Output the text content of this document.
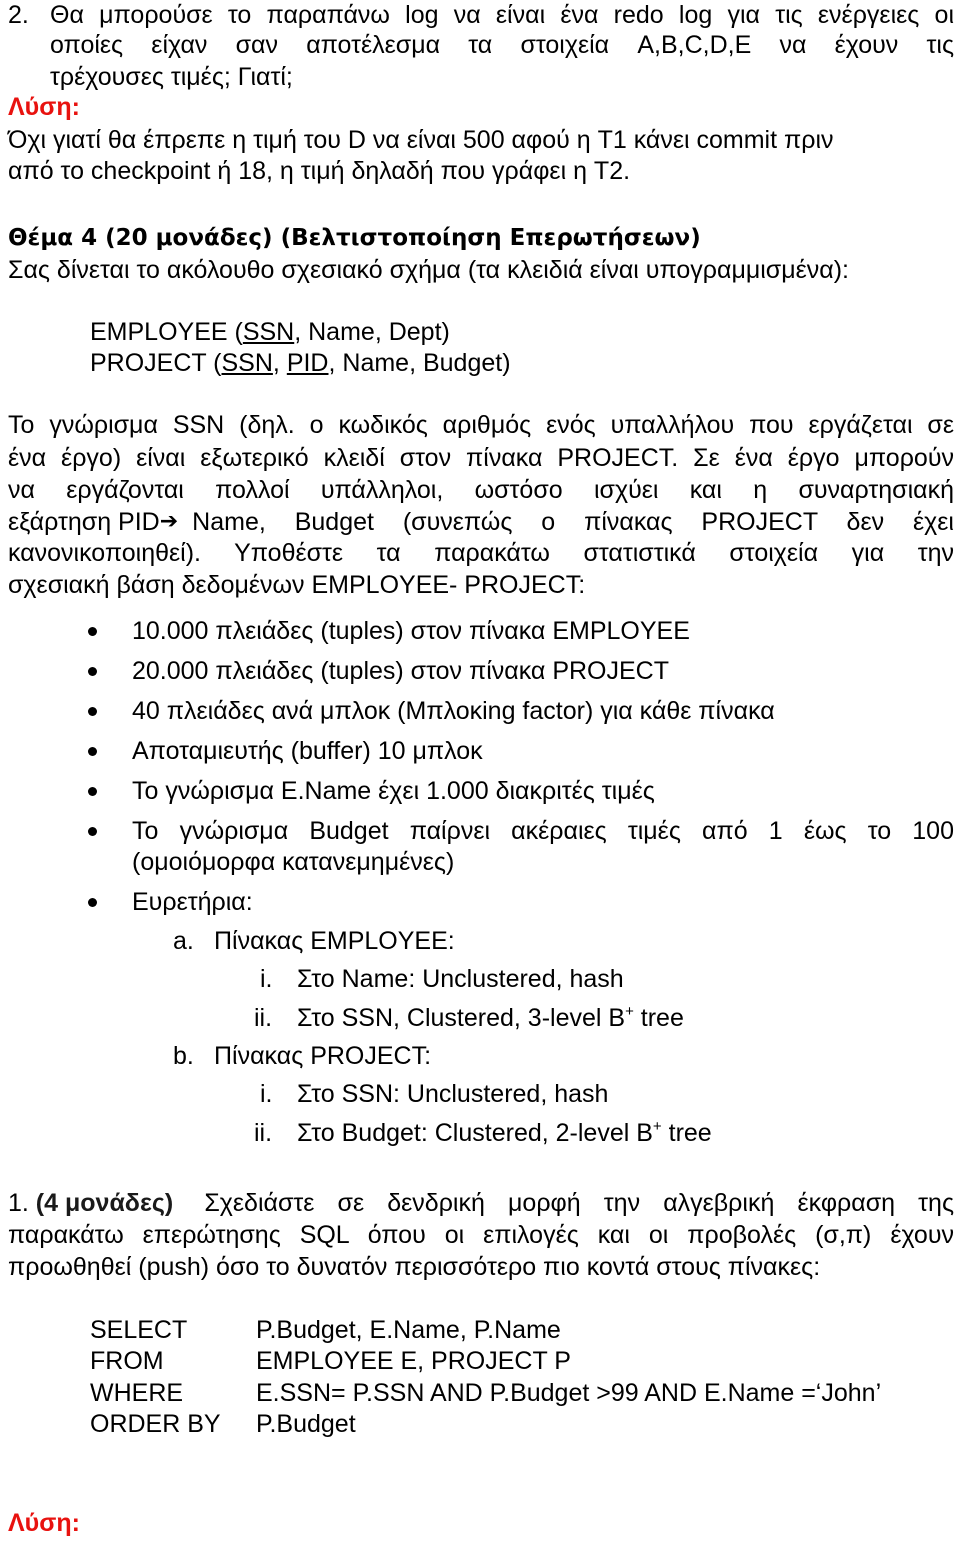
2. Θα μπορούσε το παραπάνω log να είναι ένα redo log για τις ενέργειες οι
οποίες είχαν σαν αποτέλεσμα τα στοιχεία A,B,C,D,E να έχουν τις
τρέχουσες τιμές; Γιατί;
Λύση:
Όχι γιατί θα έπρεπε η τιμή του D να είναι 500 αφού η T1 κάνει commit πριν
από το checkpoint ή 18, η τιμή δηλαδή που γράφει η T2.
Θέμα 4 (20 μονάδες) (Βελτιστοποίηση Επερωτήσεων)
Σας δίνεται το ακόλουθο σχεσιακό σχήμα (τα κλειδιά είναι υπογραμμισμένα):
EMPLOYEE (SSN, Name, Dept)
PROJECT (SSN, PID, Name, Budget)
Το γνώρισμα SSN (δηλ. ο κωδικός αριθμός ενός υπαλλήλου που εργάζεται σε
ένα έργο) είναι εξωτερικό κλειδί στον πίνακα PROJECT. Σε ένα έργο μπορούν
να εργάζονται πολλοί υπάλληλοι, ωστόσο ισχύει και η συναρτησιακή
εξάρτηση PID ➔ Name, Budget (συνεπώς ο πίνακας PROJECT δεν έχει
κανονικοποιηθεί). Υποθέστε τα παρακάτω στατιστικά στοιχεία για την
σχεσιακή βάση δεδομένων EMPLOYEE- PROJECT:
10.000 πλειάδες (tuples) στον πίνακα EMPLOYEE
20.000 πλειάδες (tuples) στον πίνακα PROJECT
40 πλειάδες ανά μπλοκ (Μπλοκing factor) για κάθε πίνακα
Αποταμιευτής (buffer) 10 μπλοκ
Το γνώρισμα E.Name έχει 1.000 διακριτές τιμές
Το γνώρισμα Budget παίρνει ακέραιες τιμές από 1 έως το 100
(ομοιόμορφα κατανεμημένες)
Ευρετήρια:
a. Πίνακας EMPLOYEE:
i. Στο Name: Unclustered, hash
ii. Στο SSN, Clustered, 3-level B+ tree
b. Πίνακας PROJECT:
i. Στο SSN: Unclustered, hash
ii. Στο Budget: Clustered, 2-level B+ tree
1. (4 μονάδες) Σχεδιάστε σε δενδρική μορφή την αλγεβρική έκφραση της
παρακάτω επερώτησης SQL όπου οι επιλογές και οι προβολές (σ,π) έχουν
προωθηθεί (push) όσο το δυνατόν περισσότερο πιο κοντά στους πίνακες:
SELECT	P.Budget, E.Name, P.Name
FROM	EMPLOYEE E, PROJECT P
WHERE	E.SSN= P.SSN AND P.Budget >99 AND E.Name =‘John’
ORDER BY P.Budget
Λύση:
